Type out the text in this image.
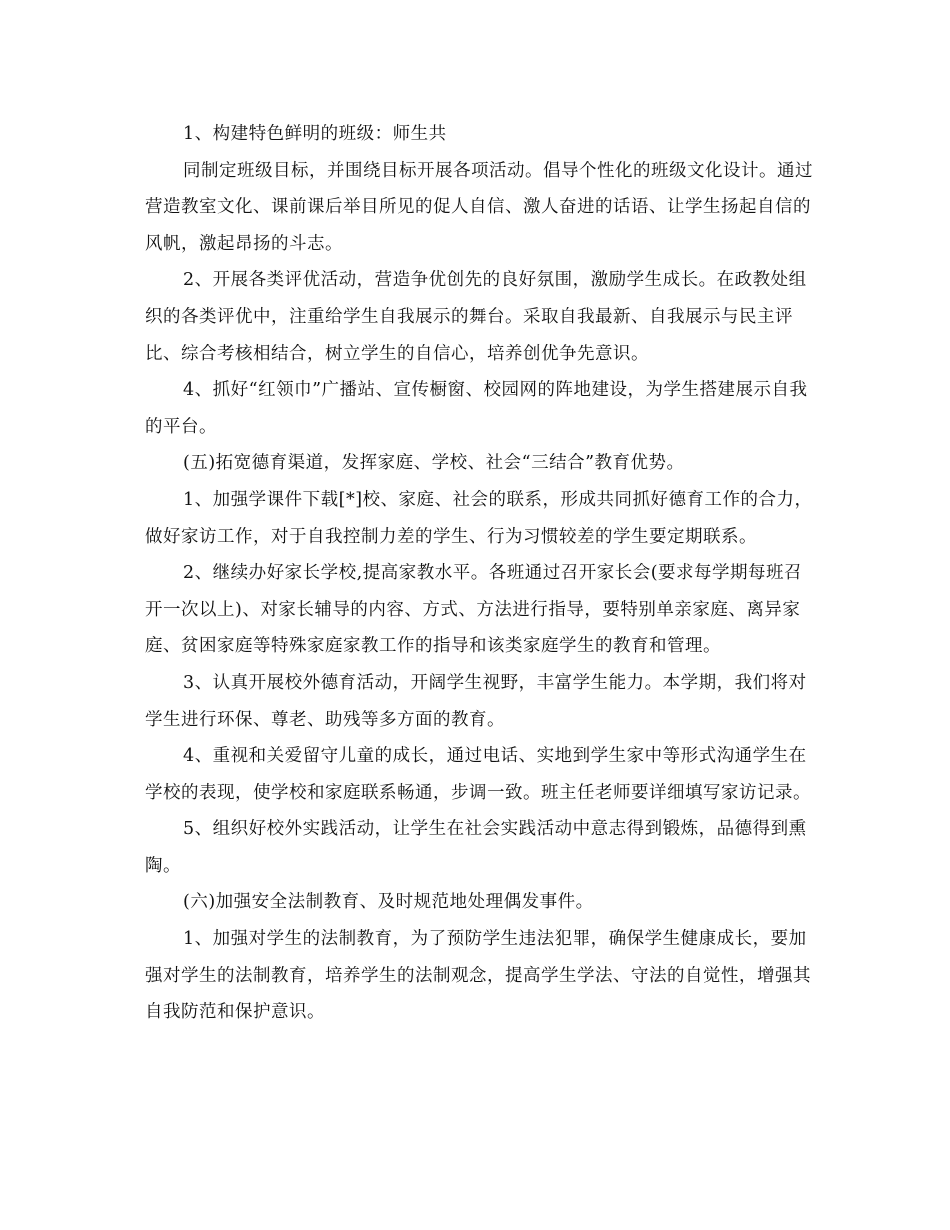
1、构建特色鲜明的班级：师生共

同制定班级目标，并围绕目标开展各项活动。倡导个性化的班级文化设计。通过营造教室文化、课前课后举目所见的促人自信、激人奋进的话语、让学生扬起自信的风帆，激起昂扬的斗志。

2、开展各类评优活动，营造争优创先的良好氛围，激励学生成长。在政教处组织的各类评优中，注重给学生自我展示的舞台。采取自我最新、自我展示与民主评比、综合考核相结合，树立学生的自信心，培养创优争先意识。

4、抓好“红领巾”广播站、宣传橱窗、校园网的阵地建设，为学生搭建展示自我的平台。

(五)拓宽德育渠道，发挥家庭、学校、社会“三结合”教育优势。

1、加强学课件下载[*]校、家庭、社会的联系，形成共同抓好德育工作的合力，做好家访工作，对于自我控制力差的学生、行为习惯较差的学生要定期联系。

2、继续办好家长学校,提高家教水平。各班通过召开家长会(要求每学期每班召开一次以上)、对家长辅导的内容、方式、方法进行指导，要特别单亲家庭、离异家庭、贫困家庭等特殊家庭家教工作的指导和该类家庭学生的教育和管理。

3、认真开展校外德育活动，开阔学生视野，丰富学生能力。本学期，我们将对学生进行环保、尊老、助残等多方面的教育。

4、重视和关爱留守儿童的成长，通过电话、实地到学生家中等形式沟通学生在学校的表现，使学校和家庭联系畅通，步调一致。班主任老师要详细填写家访记录。

5、组织好校外实践活动，让学生在社会实践活动中意志得到锻炼，品德得到熏陶。

(六)加强安全法制教育、及时规范地处理偶发事件。

1、加强对学生的法制教育，为了预防学生违法犯罪，确保学生健康成长，要加强对学生的法制教育，培养学生的法制观念，提高学生学法、守法的自觉性，增强其自我防范和保护意识。
